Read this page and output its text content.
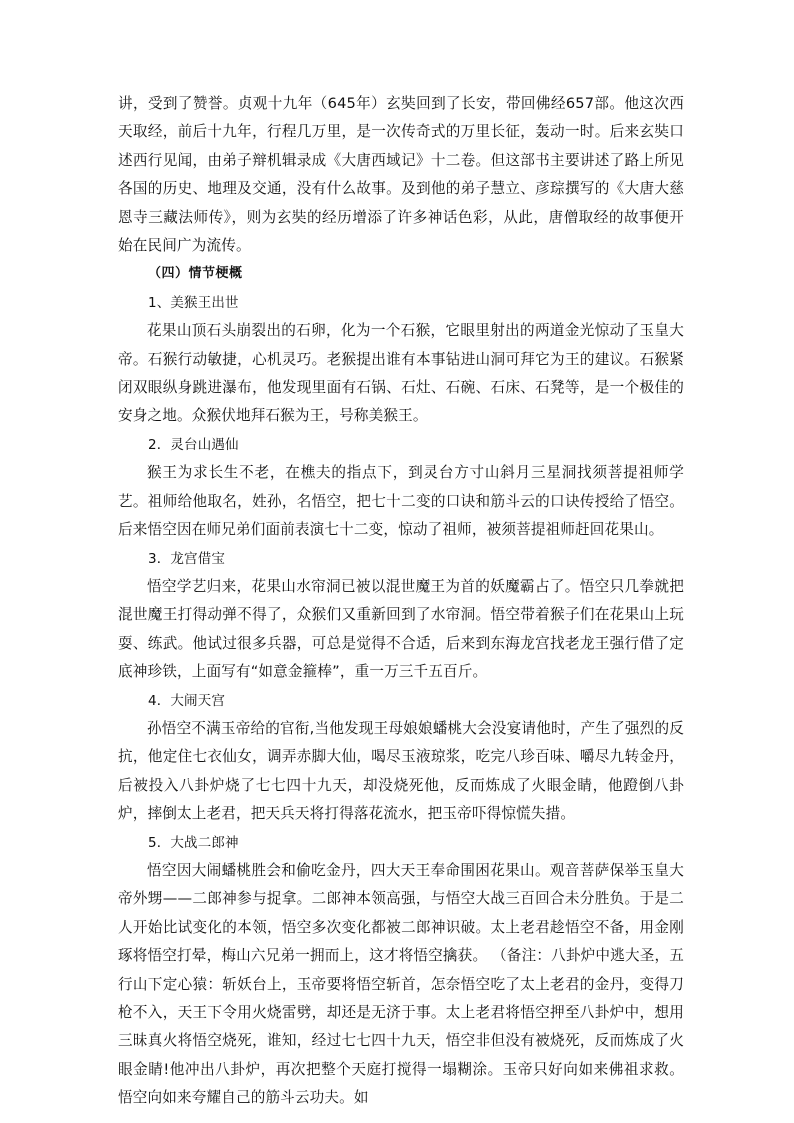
讲，受到了赞誉。贞观十九年（645年）玄奘回到了长安，带回佛经657部。他这次西天取经，前后十九年，行程几万里，是一次传奇式的万里长征，轰动一时。后来玄奘口述西行见闻，由弟子辩机辑录成《大唐西域记》十二卷。但这部书主要讲述了路上所见各国的历史、地理及交通，没有什么故事。及到他的弟子慧立、彦琮撰写的《大唐大慈恩寺三藏法师传》，则为玄奘的经历增添了许多神话色彩，从此，唐僧取经的故事便开始在民间广为流传。

（四）情节梗概

1、美猴王出世

花果山顶石头崩裂出的石卵，化为一个石猴，它眼里射出的两道金光惊动了玉皇大帝。石猴行动敏捷，心机灵巧。老猴提出谁有本事钻进山洞可拜它为王的建议。石猴紧闭双眼纵身跳进瀑布，他发现里面有石锅、石灶、石碗、石床、石凳等，是一个极佳的安身之地。众猴伏地拜石猴为王，号称美猴王。

2．灵台山遇仙

猴王为求长生不老，在樵夫的指点下，到灵台方寸山斜月三星洞找须菩提祖师学艺。祖师给他取名，姓孙，名悟空，把七十二变的口诀和筋斗云的口诀传授给了悟空。后来悟空因在师兄弟们面前表演七十二变，惊动了祖师，被须菩提祖师赶回花果山。

3．龙宫借宝

悟空学艺归来，花果山水帘洞已被以混世魔王为首的妖魔霸占了。悟空只几拳就把混世魔王打得动弹不得了，众猴们又重新回到了水帘洞。悟空带着猴子们在花果山上玩耍、练武。他试过很多兵器，可总是觉得不合适，后来到东海龙宫找老龙王强行借了定底神珍铁，上面写有“如意金箍棒”，重一万三千五百斤。

4．大闹天宫

孙悟空不满玉帝给的官衔,当他发现王母娘娘蟠桃大会没宴请他时，产生了强烈的反抗，他定住七衣仙女，调弄赤脚大仙，喝尽玉液琼浆，吃完八珍百味、嚼尽九转金丹，后被投入八卦炉烧了七七四十九天，却没烧死他，反而炼成了火眼金睛，他蹬倒八卦炉，摔倒太上老君，把天兵天将打得落花流水，把玉帝吓得惊慌失措。

5．大战二郎神

悟空因大闹蟠桃胜会和偷吃金丹，四大天王奉命围困花果山。观音菩萨保举玉皇大帝外甥——二郎神参与捉拿。二郎神本领高强，与悟空大战三百回合未分胜负。于是二人开始比试变化的本领，悟空多次变化都被二郎神识破。太上老君趁悟空不备，用金刚琢将悟空打晕，梅山六兄弟一拥而上，这才将悟空擒获。 （备注：八卦炉中逃大圣，五行山下定心猿：斩妖台上，玉帝要将悟空斩首，怎奈悟空吃了太上老君的金丹，变得刀枪不入，天王下令用火烧雷劈，却还是无济于事。太上老君将悟空押至八卦炉中，想用三昧真火将悟空烧死，谁知，经过七七四十九天，悟空非但没有被烧死，反而炼成了火眼金睛!他冲出八卦炉，再次把整个天庭打搅得一塌糊涂。玉帝只好向如来佛祖求救。悟空向如来夸耀自己的筋斗云功夫。如
